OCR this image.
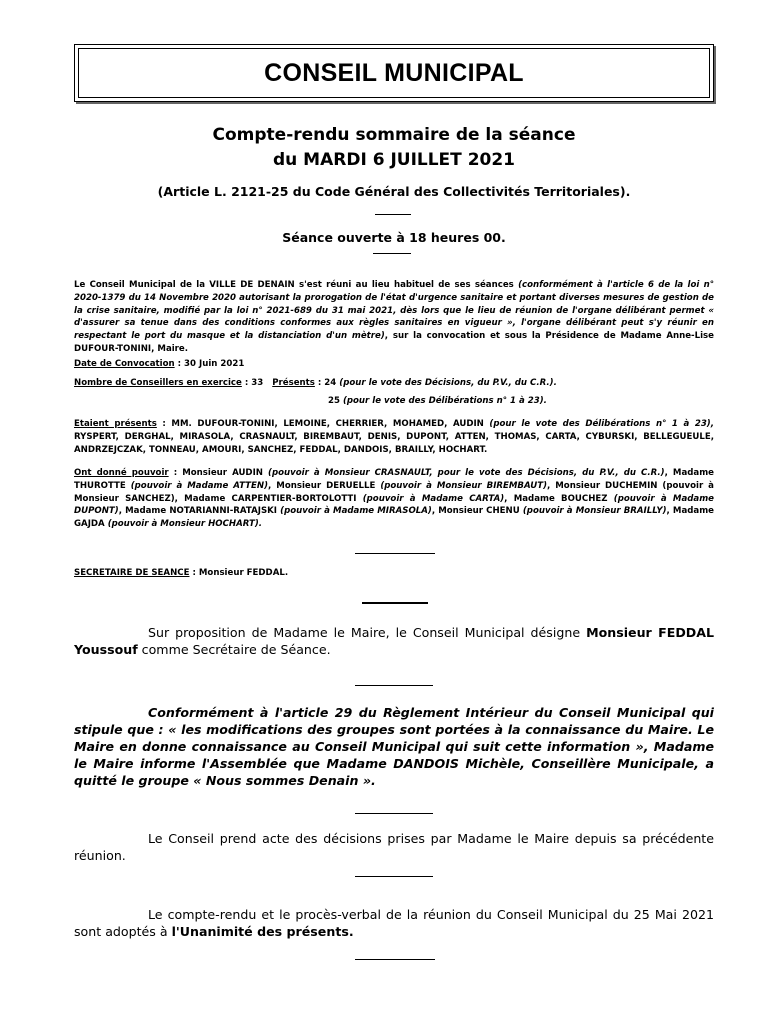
CONSEIL MUNICIPAL
Compte-rendu sommaire de la séance
du MARDI 6 JUILLET 2021
(Article L. 2121-25 du Code Général des Collectivités Territoriales).
Séance ouverte à 18 heures 00.
Le Conseil Municipal de la VILLE DE DENAIN s'est réuni au lieu habituel de ses séances (conformément à l'article 6 de la loi n° 2020-1379 du 14 Novembre 2020 autorisant la prorogation de l'état d'urgence sanitaire et portant diverses mesures de gestion de la crise sanitaire, modifié par la loi n° 2021-689 du 31 mai 2021, dès lors que le lieu de réunion de l'organe délibérant permet « d'assurer sa tenue dans des conditions conformes aux règles sanitaires en vigueur », l'organe délibérant peut s'y réunir en respectant le port du masque et la distanciation d'un mètre), sur la convocation et sous la Présidence de Madame Anne-Lise DUFOUR-TONINI, Maire.
Date de Convocation : 30 Juin 2021
Nombre de Conseillers en exercice : 33 Présents : 24 (pour le vote des Décisions, du P.V., du C.R.).
25 (pour le vote des Délibérations n° 1 à 23).
Etaient présents : MM. DUFOUR-TONINI, LEMOINE, CHERRIER, MOHAMED, AUDIN (pour le vote des Délibérations n° 1 à 23), RYSPERT, DERGHAL, MIRASOLA, CRASNAULT, BIREMBAUT, DENIS, DUPONT, ATTEN, THOMAS, CARTA, CYBURSKI, BELLEGUEULE, ANDRZEJCZAK, TONNEAU, AMOURI, SANCHEZ, FEDDAL, DANDOIS, BRAILLY, HOCHART.
Ont donné pouvoir : Monsieur AUDIN (pouvoir à Monsieur CRASNAULT, pour le vote des Décisions, du P.V., du C.R.), Madame THUROTTE (pouvoir à Madame ATTEN), Monsieur DERUELLE (pouvoir à Monsieur BIREMBAUT), Monsieur DUCHEMIN (pouvoir à Monsieur SANCHEZ), Madame CARPENTIER-BORTOLOTTI (pouvoir à Madame CARTA), Madame BOUCHEZ (pouvoir à Madame DUPONT), Madame NOTARIANNI-RATAJSKI (pouvoir à Madame MIRASOLA), Monsieur CHENU (pouvoir à Monsieur BRAILLY), Madame GAJDA (pouvoir à Monsieur HOCHART).
SECRETAIRE DE SEANCE : Monsieur FEDDAL.
Sur proposition de Madame le Maire, le Conseil Municipal désigne Monsieur FEDDAL Youssouf comme Secrétaire de Séance.
Conformément à l'article 29 du Règlement Intérieur du Conseil Municipal qui stipule que : « les modifications des groupes sont portées à la connaissance du Maire. Le Maire en donne connaissance au Conseil Municipal qui suit cette information », Madame le Maire informe l'Assemblée que Madame DANDOIS Michèle, Conseillère Municipale, a quitté le groupe « Nous sommes Denain ».
Le Conseil prend acte des décisions prises par Madame le Maire depuis sa précédente réunion.
Le compte-rendu et le procès-verbal de la réunion du Conseil Municipal du 25 Mai 2021 sont adoptés à l'Unanimité des présents.
